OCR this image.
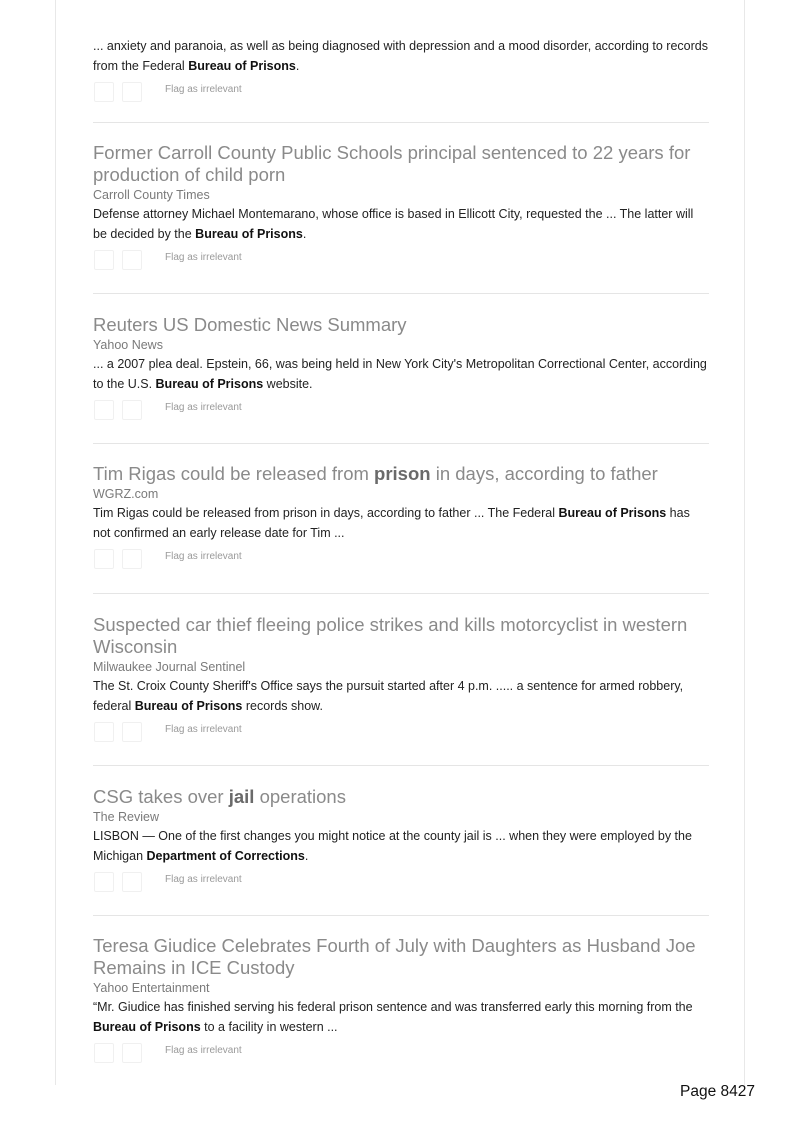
... anxiety and paranoia, as well as being diagnosed with depression and a mood disorder, according to records from the Federal Bureau of Prisons.
Flag as irrelevant
Former Carroll County Public Schools principal sentenced to 22 years for production of child porn
Carroll County Times
Defense attorney Michael Montemarano, whose office is based in Ellicott City, requested the ... The latter will be decided by the Bureau of Prisons.
Flag as irrelevant
Reuters US Domestic News Summary
Yahoo News
... a 2007 plea deal. Epstein, 66, was being held in New York City's Metropolitan Correctional Center, according to the U.S. Bureau of Prisons website.
Flag as irrelevant
Tim Rigas could be released from prison in days, according to father
WGRZ.com
Tim Rigas could be released from prison in days, according to father ... The Federal Bureau of Prisons has not confirmed an early release date for Tim ...
Flag as irrelevant
Suspected car thief fleeing police strikes and kills motorcyclist in western Wisconsin
Milwaukee Journal Sentinel
The St. Croix County Sheriff's Office says the pursuit started after 4 p.m. ..... a sentence for armed robbery, federal Bureau of Prisons records show.
Flag as irrelevant
CSG takes over jail operations
The Review
LISBON — One of the first changes you might notice at the county jail is ... when they were employed by the Michigan Department of Corrections.
Flag as irrelevant
Teresa Giudice Celebrates Fourth of July with Daughters as Husband Joe Remains in ICE Custody
Yahoo Entertainment
“Mr. Giudice has finished serving his federal prison sentence and was transferred early this morning from the Bureau of Prisons to a facility in western ...
Flag as irrelevant
Page 8427
